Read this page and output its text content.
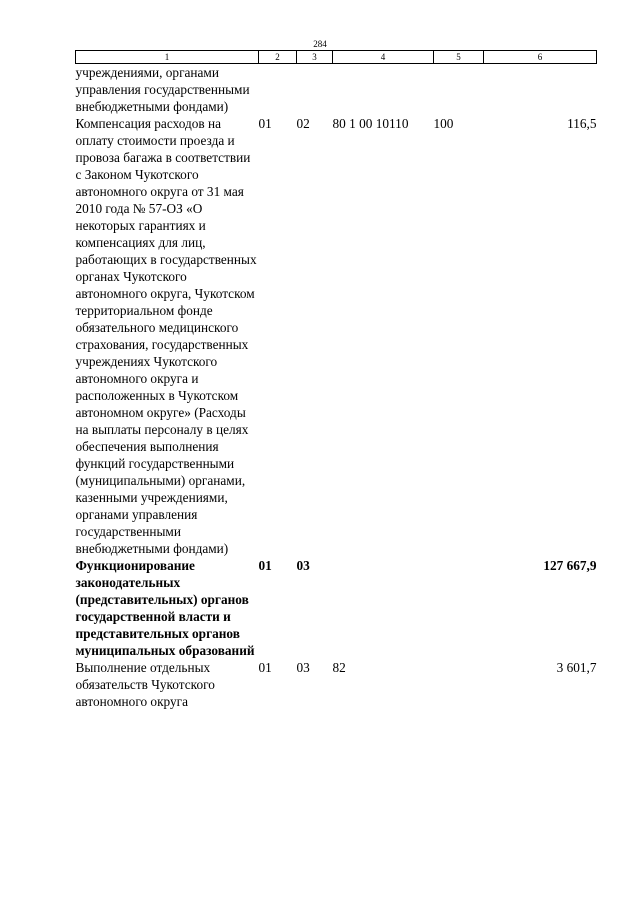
284
1	2	3	4	5	6
учреждениями, органами управления государственными внебюджетными фондами)					
Компенсация расходов на оплату стоимости проезда и провоза багажа в соответствии с Законом Чукотского автономного округа от 31 мая 2010 года № 57-ОЗ «О некоторых гарантиях и компенсациях для лиц, работающих в государственных органах Чукотского автономного округа, Чукотском территориальном фонде обязательного медицинского страхования, государственных учреждениях Чукотского автономного округа и расположенных в Чукотском автономном округе» (Расходы на выплаты персоналу в целях обеспечения выполнения функций государственными (муниципальными) органами, казенными учреждениями, органами управления государственными внебюджетными фондами)	01	02	80 1 00 10110	100	116,5
Функционирование законодательных (представительных) органов государственной власти и представительных органов муниципальных образований	01	03			127 667,9
Выполнение отдельных обязательств Чукотского автономного округа	01	03	82		3 601,7
